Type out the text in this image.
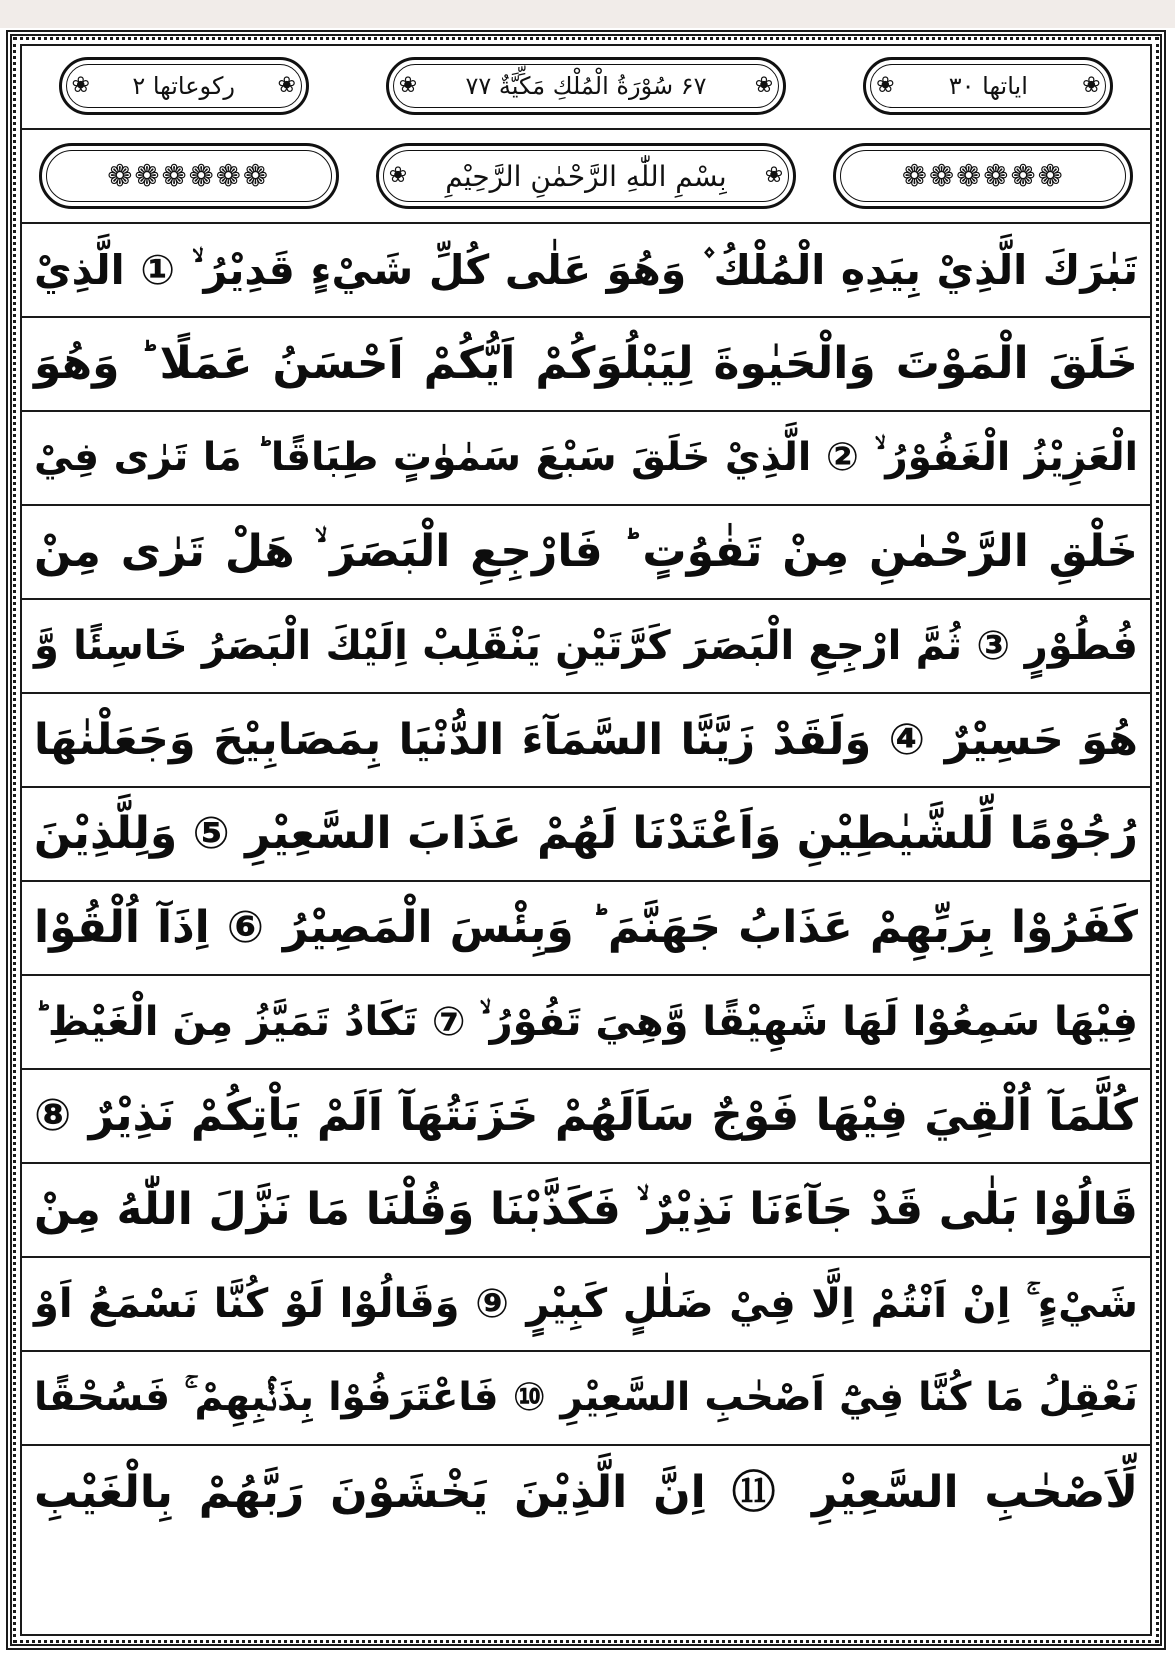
❀ رکوعاتها ۲ ❀	❀ ۶۷ سُوْرَةُ الْمُلْكِ مَكِّيَّةٌ ۷۷ ❀	❀ اياتها ۳۰ ❀
❁❁❁❁❁❁	❀ بِسْمِ اللّٰهِ الرَّحْمٰنِ الرَّحِيْمِ ❀	❁❁❁❁❁❁
تَبٰرَكَ الَّذِيْ بِيَدِهِ الْمُلْكُ ۫ وَهُوَ عَلٰى كُلِّ شَيْءٍ قَدِيْرُ ۙ ① الَّذِيْ
خَلَقَ الْمَوْتَ وَالْحَيٰوةَ لِيَبْلُوَكُمْ اَيُّكُمْ اَحْسَنُ عَمَلًا ؕ وَهُوَ
الْعَزِيْزُ الْغَفُوْرُ ۙ ② الَّذِيْ خَلَقَ سَبْعَ سَمٰوٰتٍ طِبَاقًا ؕ مَا تَرٰى فِيْ
خَلْقِ الرَّحْمٰنِ مِنْ تَفٰوُتٍ ؕ فَارْجِعِ الْبَصَرَ ۙ هَلْ تَرٰى مِنْ
فُطُوْرٍ ③ ثُمَّ ارْجِعِ الْبَصَرَ كَرَّتَيْنِ يَنْقَلِبْ اِلَيْكَ الْبَصَرُ خَاسِئًا وَّ
هُوَ حَسِيْرٌ ④ وَلَقَدْ زَيَّنَّا السَّمَآءَ الدُّنْيَا بِمَصَابِيْحَ وَجَعَلْنٰهَا
رُجُوْمًا لِّلشَّيٰطِيْنِ وَاَعْتَدْنَا لَهُمْ عَذَابَ السَّعِيْرِ ⑤ وَلِلَّذِيْنَ
كَفَرُوْا بِرَبِّهِمْ عَذَابُ جَهَنَّمَ ؕ وَبِئْسَ الْمَصِيْرُ ⑥ اِذَآ اُلْقُوْا
فِيْهَا سَمِعُوْا لَهَا شَهِيْقًا وَّهِيَ تَفُوْرُ ۙ ⑦ تَكَادُ تَمَيَّزُ مِنَ الْغَيْظِ ؕ
كُلَّمَآ اُلْقِيَ فِيْهَا فَوْجٌ سَاَلَهُمْ خَزَنَتُهَآ اَلَمْ يَاْتِكُمْ نَذِيْرٌ ⑧
قَالُوْا بَلٰى قَدْ جَآءَنَا نَذِيْرٌ ۙ فَكَذَّبْنَا وَقُلْنَا مَا نَزَّلَ اللّٰهُ مِنْ
شَيْءٍ ۚ اِنْ اَنْتُمْ اِلَّا فِيْ ضَلٰلٍ كَبِيْرٍ ⑨ وَقَالُوْا لَوْ كُنَّا نَسْمَعُ اَوْ
نَعْقِلُ مَا كُنَّا فِيْٓ اَصْحٰبِ السَّعِيْرِ ⑩ فَاعْتَرَفُوْا بِذَنْۢبِهِمْ ۚ فَسُحْقًا
لِّاَصْحٰبِ السَّعِيْرِ ⑪ اِنَّ الَّذِيْنَ يَخْشَوْنَ رَبَّهُمْ بِالْغَيْبِ
